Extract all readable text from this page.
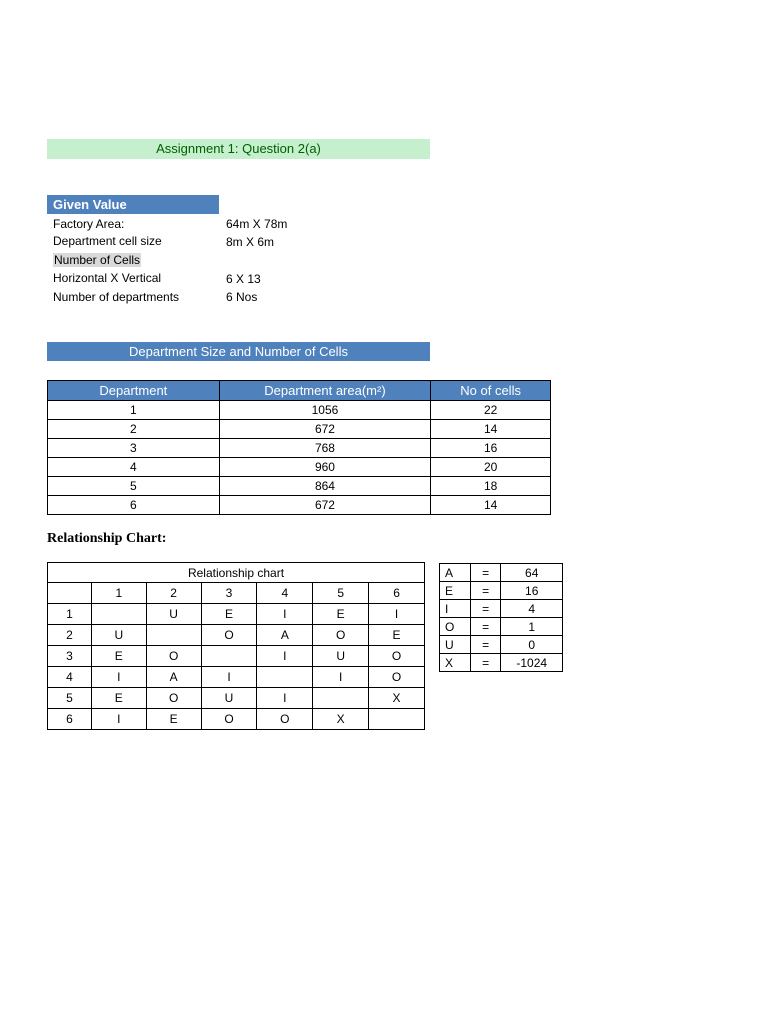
Assignment 1: Question 2(a)
Given Value
Factory Area:	64m X 78m
Department cell size	8m X 6m
Number of Cells
Horizontal X Vertical	6 X 13
Number of departments	6 Nos
Department Size and Number of Cells
Department	Department area(m²)	No of cells
1	1056	22
2	672	14
3	768	16
4	960	20
5	864	18
6	672	14
Relationship Chart:
Relationship chart						
	1	2	3	4	5	6
1		U	E	I	E	I
2	U		O	A	O	E
3	E	O		I	U	O
4	I	A	I		I	O
5	E	O	U	I		X
6	I	E	O	O	X	
A	=	64
E	=	16
I	=	4
O	=	1
U	=	0
X	=	-1024
